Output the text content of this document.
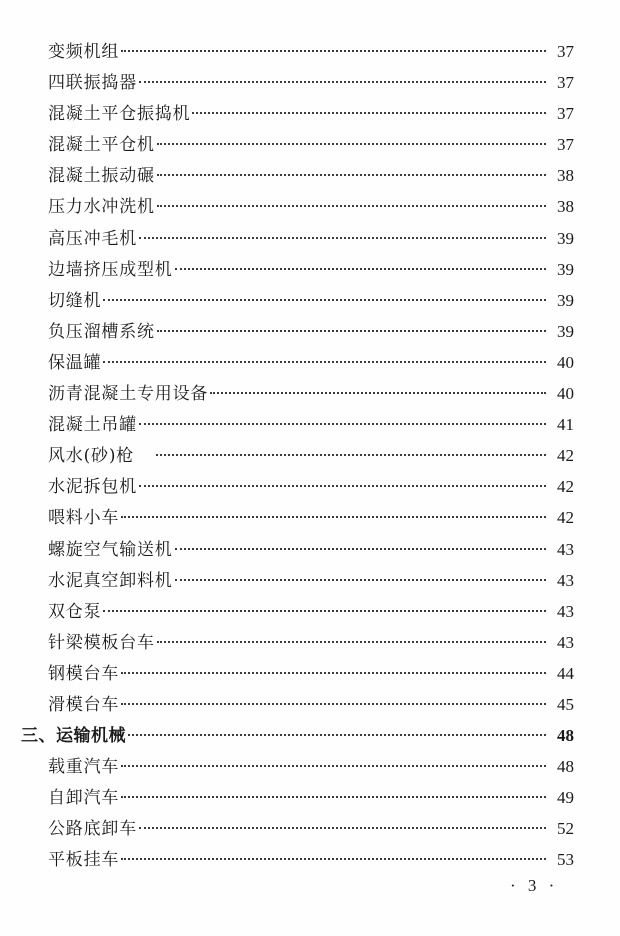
变频机组	37
四联振捣器	37
混凝土平仓振捣机	37
混凝土平仓机	37
混凝土振动碾	38
压力水冲洗机	38
高压冲毛机	39
边墙挤压成型机	39
切缝机	39
负压溜槽系统	39
保温罐	40
沥青混凝土专用设备	40
混凝土吊罐	41
风水(砂)枪	42
水泥拆包机	42
喂料小车	42
螺旋空气输送机	43
水泥真空卸料机	43
双仓泵	43
针梁模板台车	43
钢模台车	44
滑模台车	45
三、运输机械	48
载重汽车	48
自卸汽车	49
公路底卸车	52
平板挂车	53
· 3 ·
